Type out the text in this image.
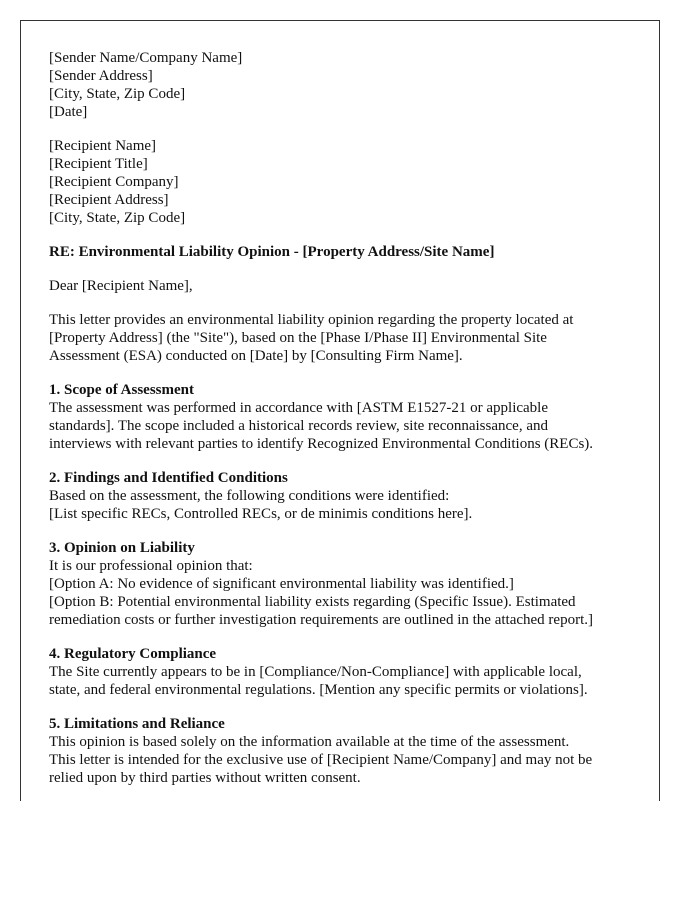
[Sender Name/Company Name]
[Sender Address]
[City, State, Zip Code]
[Date]
[Recipient Name]
[Recipient Title]
[Recipient Company]
[Recipient Address]
[City, State, Zip Code]
RE: Environmental Liability Opinion - [Property Address/Site Name]
Dear [Recipient Name],
This letter provides an environmental liability opinion regarding the property located at
[Property Address] (the "Site"), based on the [Phase I/Phase II] Environmental Site
Assessment (ESA) conducted on [Date] by [Consulting Firm Name].
1. Scope of Assessment
The assessment was performed in accordance with [ASTM E1527-21 or applicable
standards]. The scope included a historical records review, site reconnaissance, and
interviews with relevant parties to identify Recognized Environmental Conditions (RECs).
2. Findings and Identified Conditions
Based on the assessment, the following conditions were identified:
[List specific RECs, Controlled RECs, or de minimis conditions here].
3. Opinion on Liability
It is our professional opinion that:
[Option A: No evidence of significant environmental liability was identified.]
[Option B: Potential environmental liability exists regarding (Specific Issue). Estimated
remediation costs or further investigation requirements are outlined in the attached report.]
4. Regulatory Compliance
The Site currently appears to be in [Compliance/Non-Compliance] with applicable local,
state, and federal environmental regulations. [Mention any specific permits or violations].
5. Limitations and Reliance
This opinion is based solely on the information available at the time of the assessment.
This letter is intended for the exclusive use of [Recipient Name/Company] and may not be
relied upon by third parties without written consent.
